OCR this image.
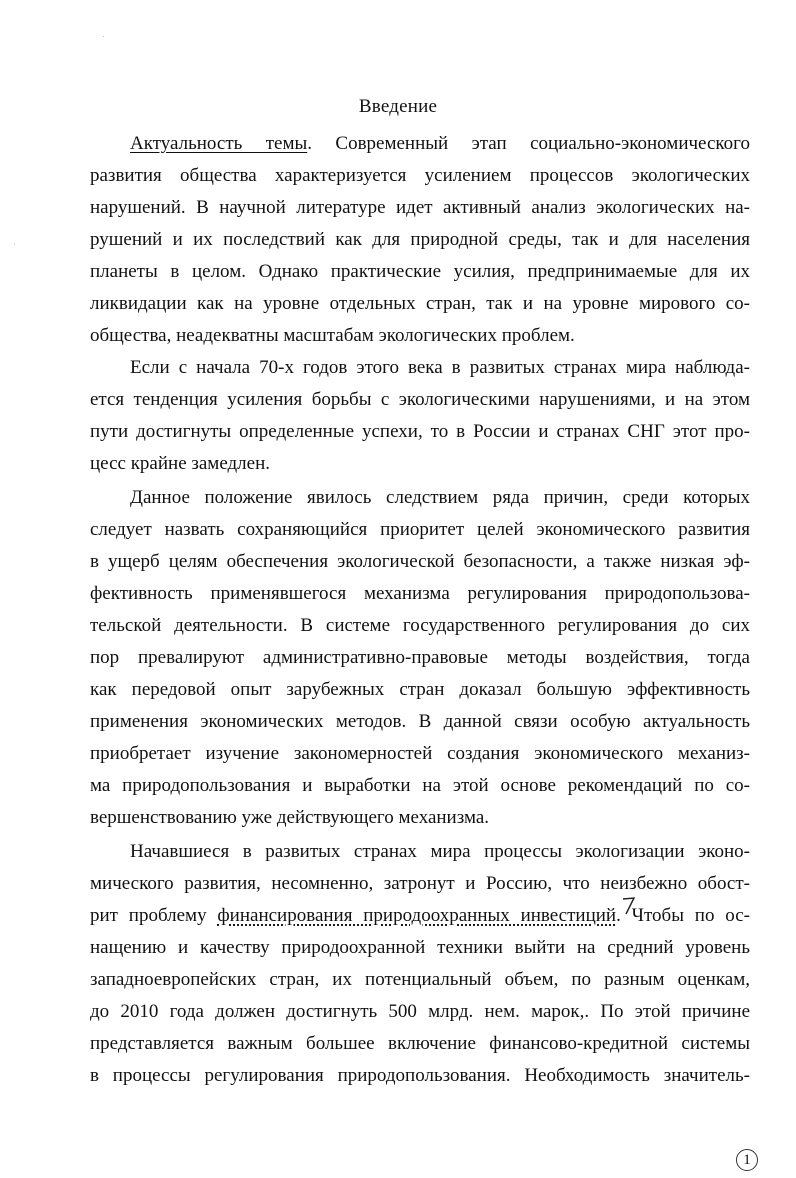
Введение
Актуальность темы. Современный этап социально-экономического
развития общества характеризуется усилением процессов экологических
нарушений. В научной литературе идет активный анализ экологических на-
рушений и их последствий как для природной среды, так и для населения
планеты в целом. Однако практические усилия, предпринимаемые для их
ликвидации как на уровне отдельных стран, так и на уровне мирового со-
общества, неадекватны масштабам экологических проблем.
Если с начала 70-х годов этого века в развитых странах мира наблюда-
ется тенденция усиления борьбы с экологическими нарушениями, и на этом
пути достигнуты определенные успехи, то в России и странах СНГ этот про-
цесс крайне замедлен.
Данное положение явилось следствием ряда причин, среди которых
следует назвать сохраняющийся приоритет целей экономического развития
в ущерб целям обеспечения экологической безопасности, а также низкая эф-
фективность применявшегося механизма регулирования природопользова-
тельской деятельности. В системе государственного регулирования до сих
пор превалируют административно-правовые методы воздействия, тогда
как передовой опыт зарубежных стран доказал большую эффективность
применения экономических методов. В данной связи особую актуальность
приобретает изучение закономерностей создания экономического механиз-
ма природопользования и выработки на этой основе рекомендаций по со-
вершенствованию уже действующего механизма.
Начавшиеся в развитых странах мира процессы экологизации эконо-
мического развития, несомненно, затронут и Россию, что неизбежно обост-
рит проблему финансирования природоохранных инвестиций. Чтобы по ос-
нащению и качеству природоохранной техники выйти на средний уровень
западноевропейских стран, их потенциальный объем, по разным оценкам,
до 2010 года должен достигнуть 500 млрд. нем. марок,. По этой причине
представляется важным большее включение финансово-кредитной системы
в процессы регулирования природопользования. Необходимость значитель-
1
